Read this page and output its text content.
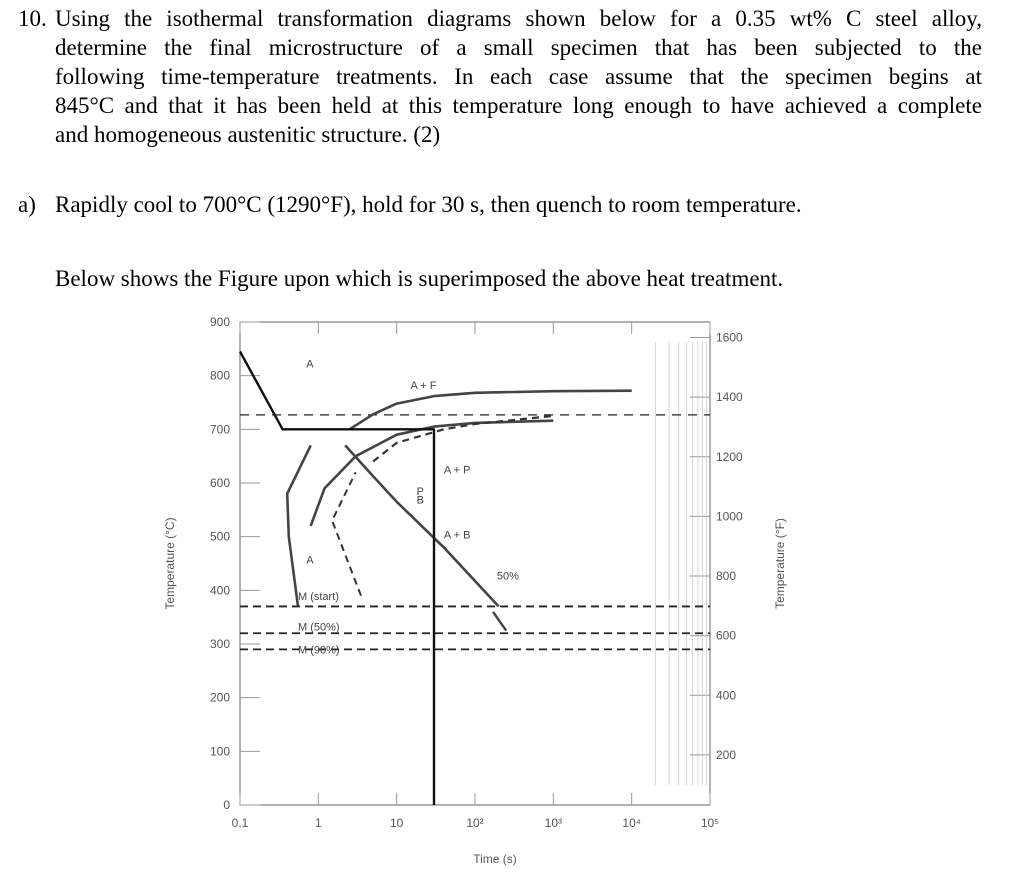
10. Using the isothermal transformation diagrams shown below for a 0.35 wt% C steel alloy,
determine the final microstructure of a small specimen that has been subjected to the
following time-temperature treatments. In each case assume that the specimen begins at
845°C and that it has been held at this temperature long enough to have achieved a complete
and homogeneous austenitic structure. (2)
a) Rapidly cool to 700°C (1290°F), hold for 30 s, then quench to room temperature.
Below shows the Figure upon which is superimposed the above heat treatment.
0
100
200
300
400
500
600
700
800
900
0.1	1	10	10²	10³	10⁴	10⁵
200
400
600
800
1000
1200
1400
1600
Time (s)
Temperature (°C)	Temperature (°F)
A
A + F
A + P
P
B
A + B
50%
A
M (start)
M (50%)
M (90%)
